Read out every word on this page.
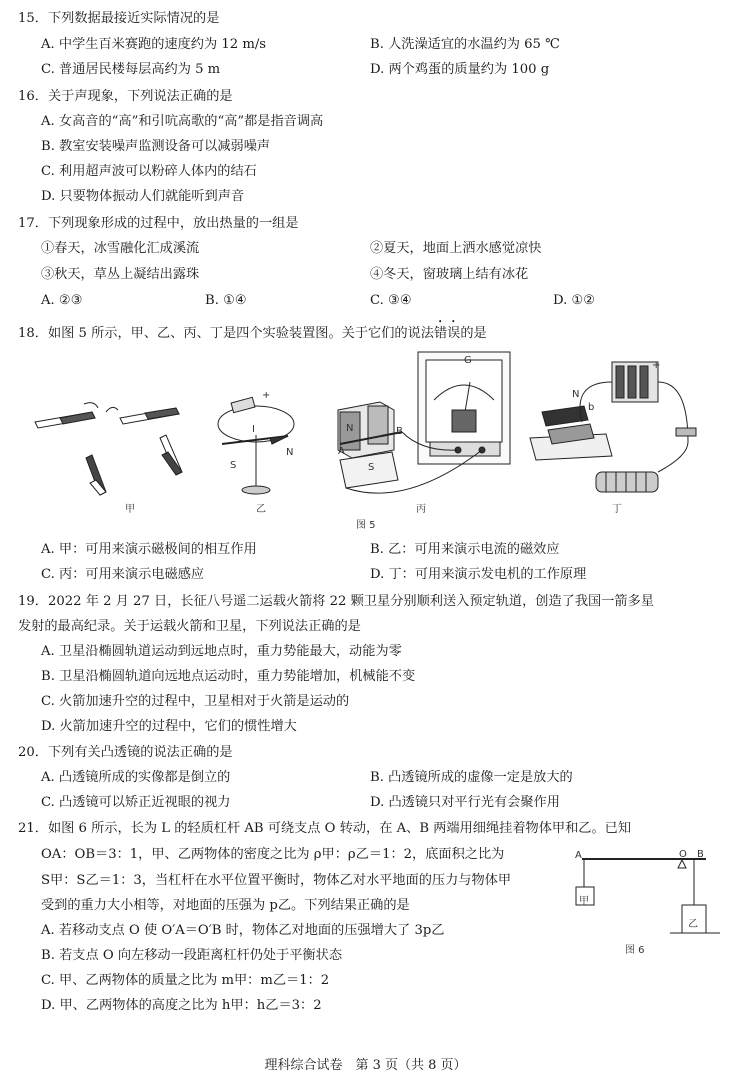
15．下列数据最接近实际情况的是
A. 中学生百米赛跑的速度约为 12 m/s	B. 人洗澡适宜的水温约为 65 ℃
C. 普通居民楼每层高约为 5 m	D. 两个鸡蛋的质量约为 100 g
16．关于声现象，下列说法正确的是
A. 女高音的“高”和引吭高歌的“高”都是指音调高
B. 教室安装噪声监测设备可以减弱噪声
C. 利用超声波可以粉碎人体内的结石
D. 只要物体振动人们就能听到声音
17．下列现象形成的过程中，放出热量的一组是
①春天，冰雪融化汇成溪流	②夏天，地面上洒水感觉凉快
③秋天，草丛上凝结出露珠	④冬天，窗玻璃上结有冰花
A. ②③	B. ①④	C. ③④	D. ①②
18．如图 5 所示，甲、乙、丙、丁是四个实验装置图。关于它们的说法错误的是
+
I
S
N
N
A
B
S
G
N
b
+
甲	乙	丙	丁
图 5
A. 甲：可用来演示磁极间的相互作用	B. 乙：可用来演示电流的磁效应
C. 丙：可用来演示电磁感应	D. 丁：可用来演示发电机的工作原理
19．2022 年 2 月 27 日，长征八号遥二运载火箭将 22 颗卫星分别顺利送入预定轨道，创造了我国一箭多星
发射的最高纪录。关于运载火箭和卫星，下列说法正确的是
A. 卫星沿椭圆轨道运动到远地点时，重力势能最大，动能为零
B. 卫星沿椭圆轨道向远地点运动时，重力势能增加，机械能不变
C. 火箭加速升空的过程中，卫星相对于火箭是运动的
D. 火箭加速升空的过程中，它们的惯性增大
20．下列有关凸透镜的说法正确的是
A. 凸透镜所成的实像都是倒立的	B. 凸透镜所成的虚像一定是放大的
C. 凸透镜可以矫正近视眼的视力	D. 凸透镜只对平行光有会聚作用
21．如图 6 所示，长为 L 的轻质杠杆 AB 可绕支点 O 转动，在 A、B 两端用细绳挂着物体甲和乙。已知
OA：OB＝3：1，甲、乙两物体的密度之比为 ρ甲：ρ乙＝1：2，底面积之比为
S甲：S乙＝1：3，当杠杆在水平位置平衡时，物体乙对水平地面的压力与物体甲
受到的重力大小相等，对地面的压强为 p乙。下列结果正确的是
A. 若移动支点 O 使 O′A＝O′B 时，物体乙对地面的压强增大了 3p乙
B. 若支点 O 向左移动一段距离杠杆仍处于平衡状态
C. 甲、乙两物体的质量之比为 m甲：m乙＝1：2
D. 甲、乙两物体的高度之比为 h甲：h乙＝3：2
A	O B
甲
乙
图 6
理科综合试卷　第 3 页（共 8 页）
